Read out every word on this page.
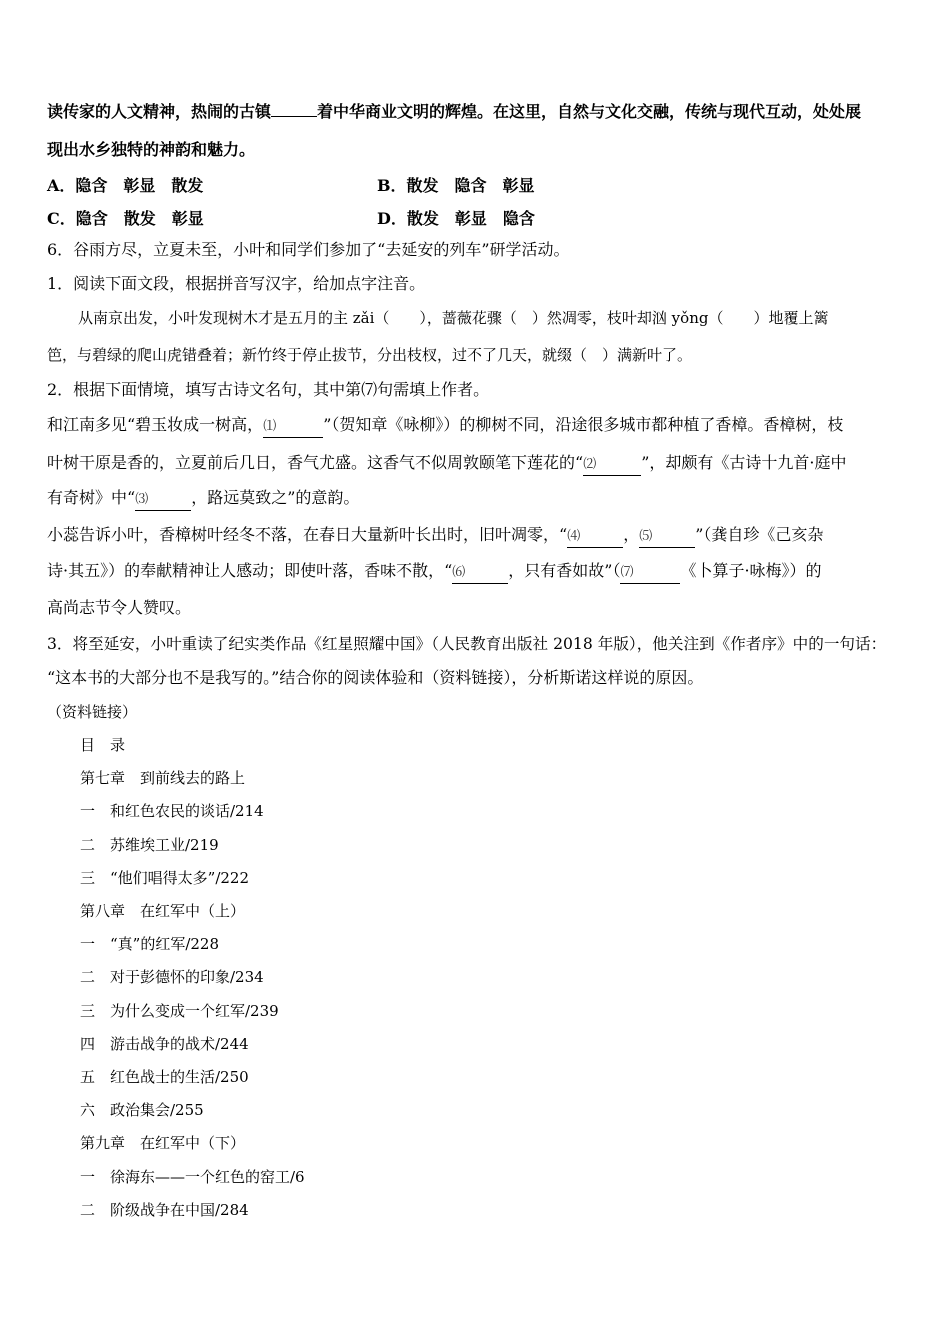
读传家的人文精神，热闹的古镇	着中华商业文明的辉煌。在这里，自然与文化交融，传统与现代互动，处处展
现出水乡独特的神韵和魅力。
A．隐含　彰显　散发	B．散发　隐含　彰显
C．隐含　散发　彰显	D．散发　彰显　隐含
6．谷雨方尽，立夏未至，小叶和同学们参加了“去延安的列车”研学活动。
1．阅读下面文段，根据拼音写汉字，给加点字注音。
从南京出发，小叶发现树木才是五月的主 zǎi（　　），蔷薇花骤（　）然凋零，枝叶却汹 yǒng（　　）地覆上篱
笆，与碧绿的爬山虎错叠着；新竹终于停止拔节，分出枝杈，过不了几天，就缀（　）满新叶了。
2．根据下面情境，填写古诗文名句，其中第⑺句需填上作者。
和江南多见“碧玉妆成一树高，⑴	”（贺知章《咏柳》）的柳树不同，沿途很多城市都种植了香樟。香樟树，枝
叶树干原是香的，立夏前后几日，香气尤盛。这香气不似周敦颐笔下莲花的“⑵	”，却颇有《古诗十九首·庭中
有奇树》中“⑶	，路远莫致之”的意韵。
小蕊告诉小叶，香樟树叶经冬不落，在春日大量新叶长出时，旧叶凋零，“⑷	，⑸	”（龚自珍《己亥杂
诗·其五》）的奉献精神让人感动；即使叶落，香味不散，“⑹	，只有香如故”（⑺	《卜算子·咏梅》）的
高尚志节令人赞叹。
3．将至延安，小叶重读了纪实类作品《红星照耀中国》（人民教育出版社 2018 年版），他关注到《作者序》中的一句话：
“这本书的大部分也不是我写的。”结合你的阅读体验和（资料链接），分析斯诺这样说的原因。
（资料链接）
目　录
第七章　到前线去的路上
一　和红色农民的谈话/214
二　苏维埃工业/219
三　“他们唱得太多”/222
第八章　在红军中（上）
一　“真”的红军/228
二　对于彭德怀的印象/234
三　为什么变成一个红军/239
四　游击战争的战术/244
五　红色战士的生活/250
六　政治集会/255
第九章　在红军中（下）
一　徐海东——一个红色的窑工/6
二　阶级战争在中国/284
